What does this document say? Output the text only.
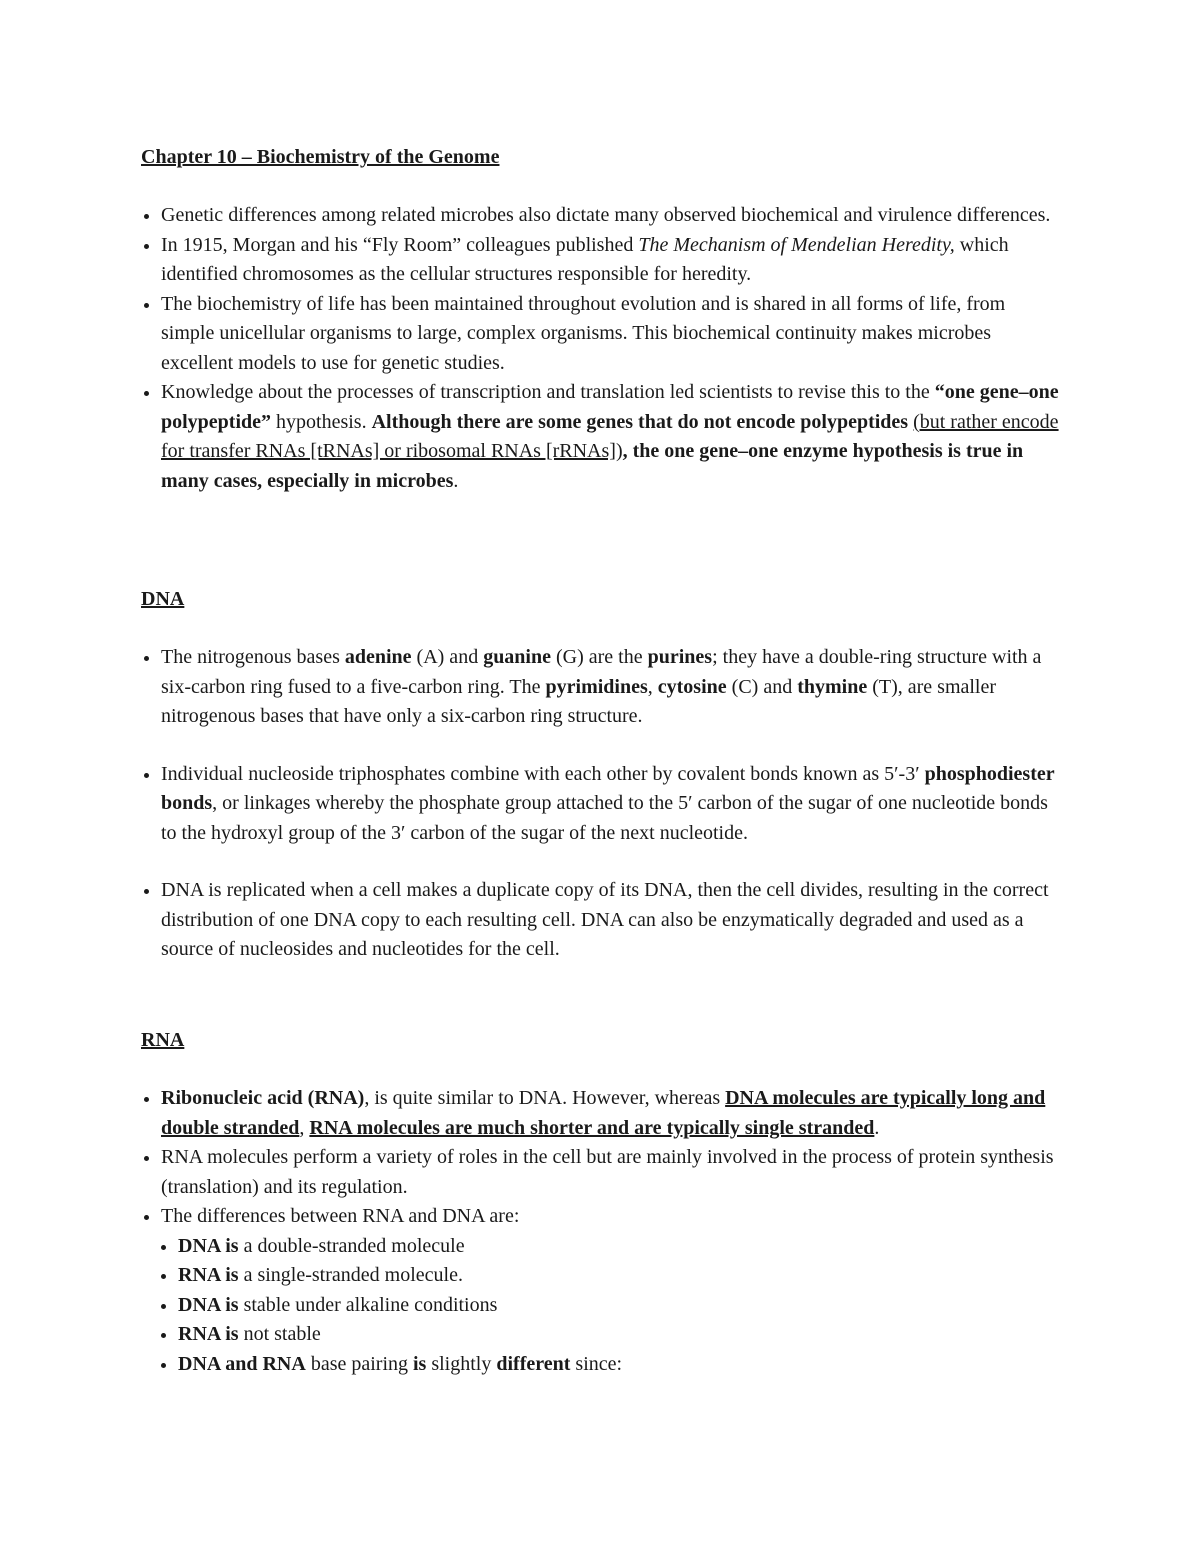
Chapter 10 – Biochemistry of the Genome
Genetic differences among related microbes also dictate many observed biochemical and virulence differences.
In 1915, Morgan and his “Fly Room” colleagues published The Mechanism of Mendelian Heredity, which identified chromosomes as the cellular structures responsible for heredity.
The biochemistry of life has been maintained throughout evolution and is shared in all forms of life, from simple unicellular organisms to large, complex organisms. This biochemical continuity makes microbes excellent models to use for genetic studies.
Knowledge about the processes of transcription and translation led scientists to revise this to the “one gene–one polypeptide” hypothesis. Although there are some genes that do not encode polypeptides (but rather encode for transfer RNAs [tRNAs] or ribosomal RNAs [rRNAs]), the one gene–one enzyme hypothesis is true in many cases, especially in microbes.
DNA
The nitrogenous bases adenine (A) and guanine (G) are the purines; they have a double-ring structure with a six-carbon ring fused to a five-carbon ring. The pyrimidines, cytosine (C) and thymine (T), are smaller nitrogenous bases that have only a six-carbon ring structure.
Individual nucleoside triphosphates combine with each other by covalent bonds known as 5′-3′ phosphodiester bonds, or linkages whereby the phosphate group attached to the 5′ carbon of the sugar of one nucleotide bonds to the hydroxyl group of the 3′ carbon of the sugar of the next nucleotide.
DNA is replicated when a cell makes a duplicate copy of its DNA, then the cell divides, resulting in the correct distribution of one DNA copy to each resulting cell. DNA can also be enzymatically degraded and used as a source of nucleosides and nucleotides for the cell.
RNA
Ribonucleic acid (RNA), is quite similar to DNA. However, whereas DNA molecules are typically long and double stranded, RNA molecules are much shorter and are typically single stranded.
RNA molecules perform a variety of roles in the cell but are mainly involved in the process of protein synthesis (translation) and its regulation.
The differences between RNA and DNA are:
DNA is a double-stranded molecule
RNA is a single-stranded molecule.
DNA is stable under alkaline conditions
RNA is not stable
DNA and RNA base pairing is slightly different since:
